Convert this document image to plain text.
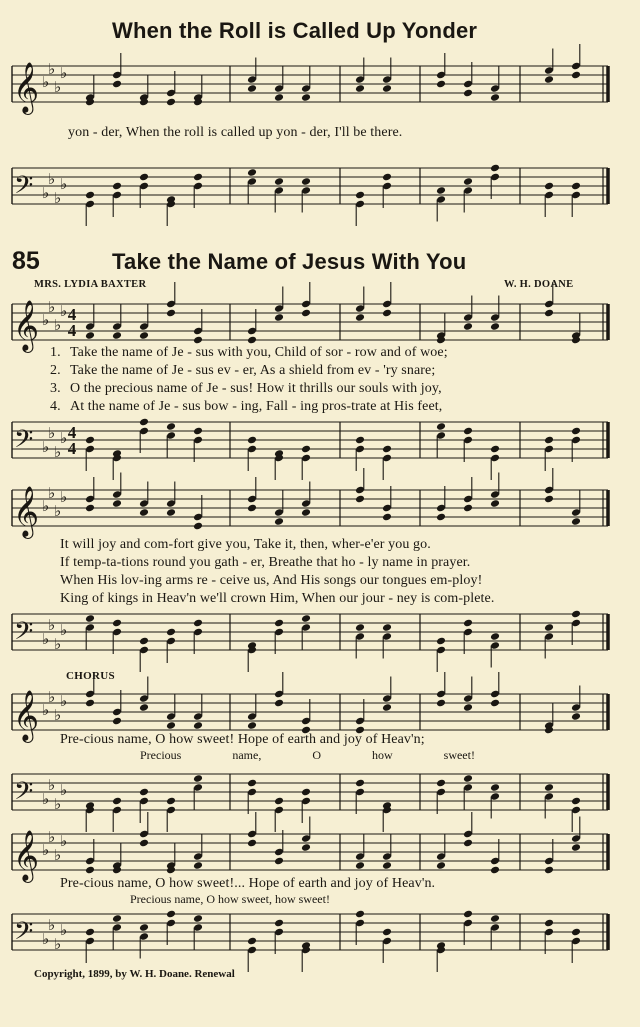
When the Roll is Called Up Yonder
𝄞 ♭
♭
♭
♭
yon - der, When the roll is called up yon - der, I'll be there.
𝄢 ♭
♭
♭
♭
85	Take the Name of Jesus With You
MRS. LYDIA BAXTER	W. H. DOANE
𝄞 ♭
♭
♭
♭ 4
4
1. Take the name of Je - sus with you, Child of sor - row and of woe;
2. Take the name of Je - sus ev - er, As a shield from ev - 'ry snare;
3. O the precious name of Je - sus! How it thrills our souls with joy,
4. At the name of Je - sus bow - ing, Fall - ing pros-trate at His feet,
𝄢 ♭
♭
♭
♭ 4
4
𝄞 ♭
♭
♭
♭
It will joy and com-fort give you, Take it, then, wher-e'er you go.
If temp-ta-tions round you gath - er, Breathe that ho - ly name in prayer.
When His lov-ing arms re - ceive us, And His songs our tongues em-ploy!
King of kings in Heav'n we'll crown Him, When our jour - ney is com-plete.
𝄢 ♭
♭
♭
♭
CHORUS
𝄞 ♭
♭
♭
♭
Pre-cious name, O how sweet! Hope of earth and joy of Heav'n;
Precious name, O how sweet!
𝄢 ♭
♭
♭
♭
𝄞 ♭
♭
♭
♭
Pre-cious name, O how sweet!... Hope of earth and joy of Heav'n.
Precious name, O how sweet, how sweet!
𝄢 ♭
♭
♭
♭
Copyright, 1899, by W. H. Doane. Renewal
